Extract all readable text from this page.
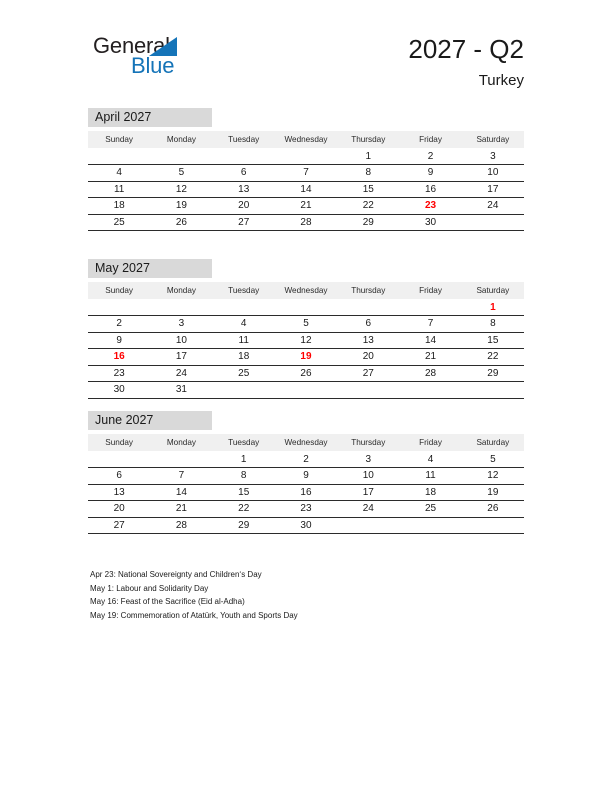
General
Blue
2027 - Q2
Turkey
April 2027
Sunday	Monday	Tuesday	Wednesday	Thursday	Friday	Saturday
				1	2	3
4	5	6	7	8	9	10
11	12	13	14	15	16	17
18	19	20	21	22	23	24
25	26	27	28	29	30	
May 2027
Sunday	Monday	Tuesday	Wednesday	Thursday	Friday	Saturday
						1
2	3	4	5	6	7	8
9	10	11	12	13	14	15
16	17	18	19	20	21	22
23	24	25	26	27	28	29
30	31					
June 2027
Sunday	Monday	Tuesday	Wednesday	Thursday	Friday	Saturday
		1	2	3	4	5
6	7	8	9	10	11	12
13	14	15	16	17	18	19
20	21	22	23	24	25	26
27	28	29	30			
Apr 23: National Sovereignty and Children‘s Day
May 1: Labour and Solidarity Day
May 16: Feast of the Sacrifice (Eid al-Adha)
May 19: Commemoration of Atatürk, Youth and Sports Day
